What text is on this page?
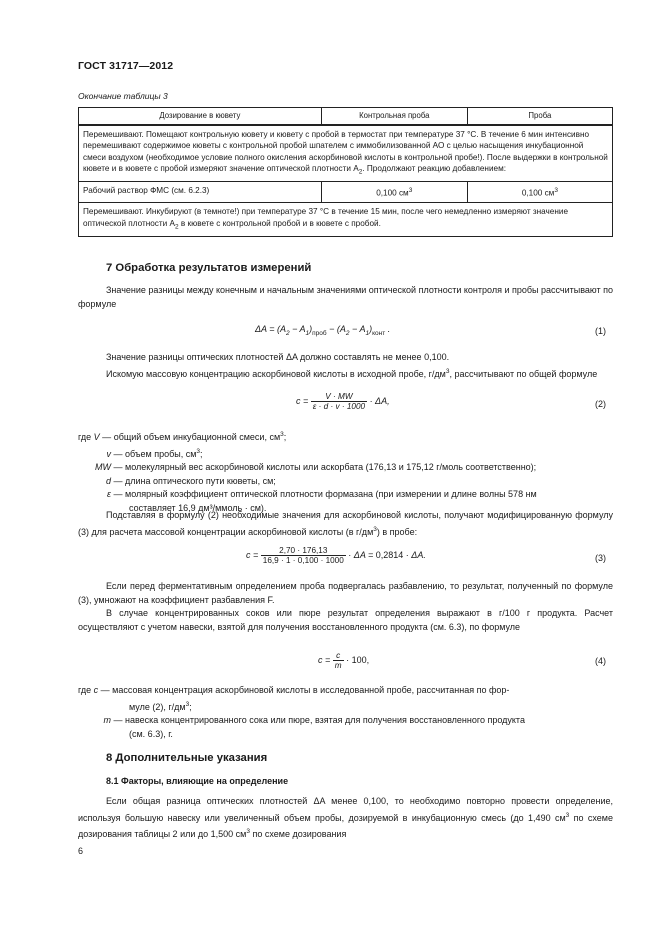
ГОСТ 31717—2012
Окончание таблицы 3
Дозирование в кювету	Контрольная проба	Проба
Перемешивают. Помещают контрольную кювету и кювету с пробой в термостат при температуре 37 °С. В течение 6 мин интенсивно перемешивают содержимое кюветы с контрольной пробой шпателем с иммобилизованной АО с целью насыщения инкубационной смеси воздухом (необходимое условие полного окисления аскорбиновой кислоты в контрольной пробе!). После выдержки в контрольной кювете и в кювете с пробой измеряют значение оптической плотности $А_2$. Продолжают реакцию добавлением:		
Рабочий раствор ФМС (см. 6.2.3)	0,100 $см^3$	0,100 $см^3$
Перемешивают. Инкубируют (в темноте!) при температуре 37 °С в течение 15 мин, после чего немедленно измеряют значение оптической плотности $А_2$ в кювете с контрольной пробой и в кювете с пробой.		
7 Обработка результатов измерений

Значение разницы между конечным и начальным значениями оптической плотности контроля и пробы рассчитывают по формуле

$\Delta A = (A_2 - A_1)_{проб} - (A_2 - A_1)_{конт}$ .	(1)

Значение разницы оптических плотностей ΔA должно составлять не менее 0,100.

Искомую массовую концентрацию аскорбиновой кислоты в исходной пробе, $г/дм^3$, рассчитывают по общей формуле

$c = \frac{V \cdot MW}{\varepsilon \cdot d \cdot v \cdot 1000} \cdot \Delta A$,	(2)
где V — общий объем инкубационной смеси, $см^3$;
v — объем пробы, $см^3$;
MW — молекулярный вес аскорбиновой кислоты или аскорбата (176,13 и 175,12 г/моль соответственно);
d — длина оптического пути кюветы, см;
ε — молярный коэффициент оптической плотности формазана (при измерении и длине волны 578 нм
составляет 16,9 дм³/ммоль · см).

Подставляя в формулу (2) необходимые значения для аскорбиновой кислоты, получают модифицированную формулу (3) для расчета массовой концентрации аскорбиновой кислоты (в $г/дм^3$) в пробе:

$c = \frac{2,70 \cdot 176,13}{16,9 \cdot 1 \cdot 0,100 \cdot 1000} \cdot \Delta A = 0,2814 \cdot \Delta A$.	(3)

Если перед ферментативным определением проба подвергалась разбавлению, то результат, полученный по формуле (3), умножают на коэффициент разбавления F.

В случае концентрированных соков или пюре результат определения выражают в г/100 г продукта. Расчет осуществляют с учетом навески, взятой для получения восстановленного продукта (см. 6.3), по формуле

$c = \frac{c}{m} \cdot 100$,	(4)
где c — массовая концентрация аскорбиновой кислоты в исследованной пробе, рассчитанная по фор-
муле (2), $г/дм^3$;
m — навеска концентрированного сока или пюре, взятая для получения восстановленного продукта
(см. 6.3), г.
8 Дополнительные указания
8.1 Факторы, влияющие на определение

Если общая разница оптических плотностей ΔA менее 0,100, то необходимо повторно провести определение, используя большую навеску или увеличенный объем пробы, дозируемой в инкубационную смесь (до 1,490 $см^3$ по схеме дозирования таблицы 2 или до 1,500 $см^3$ по схеме дозирования

6
